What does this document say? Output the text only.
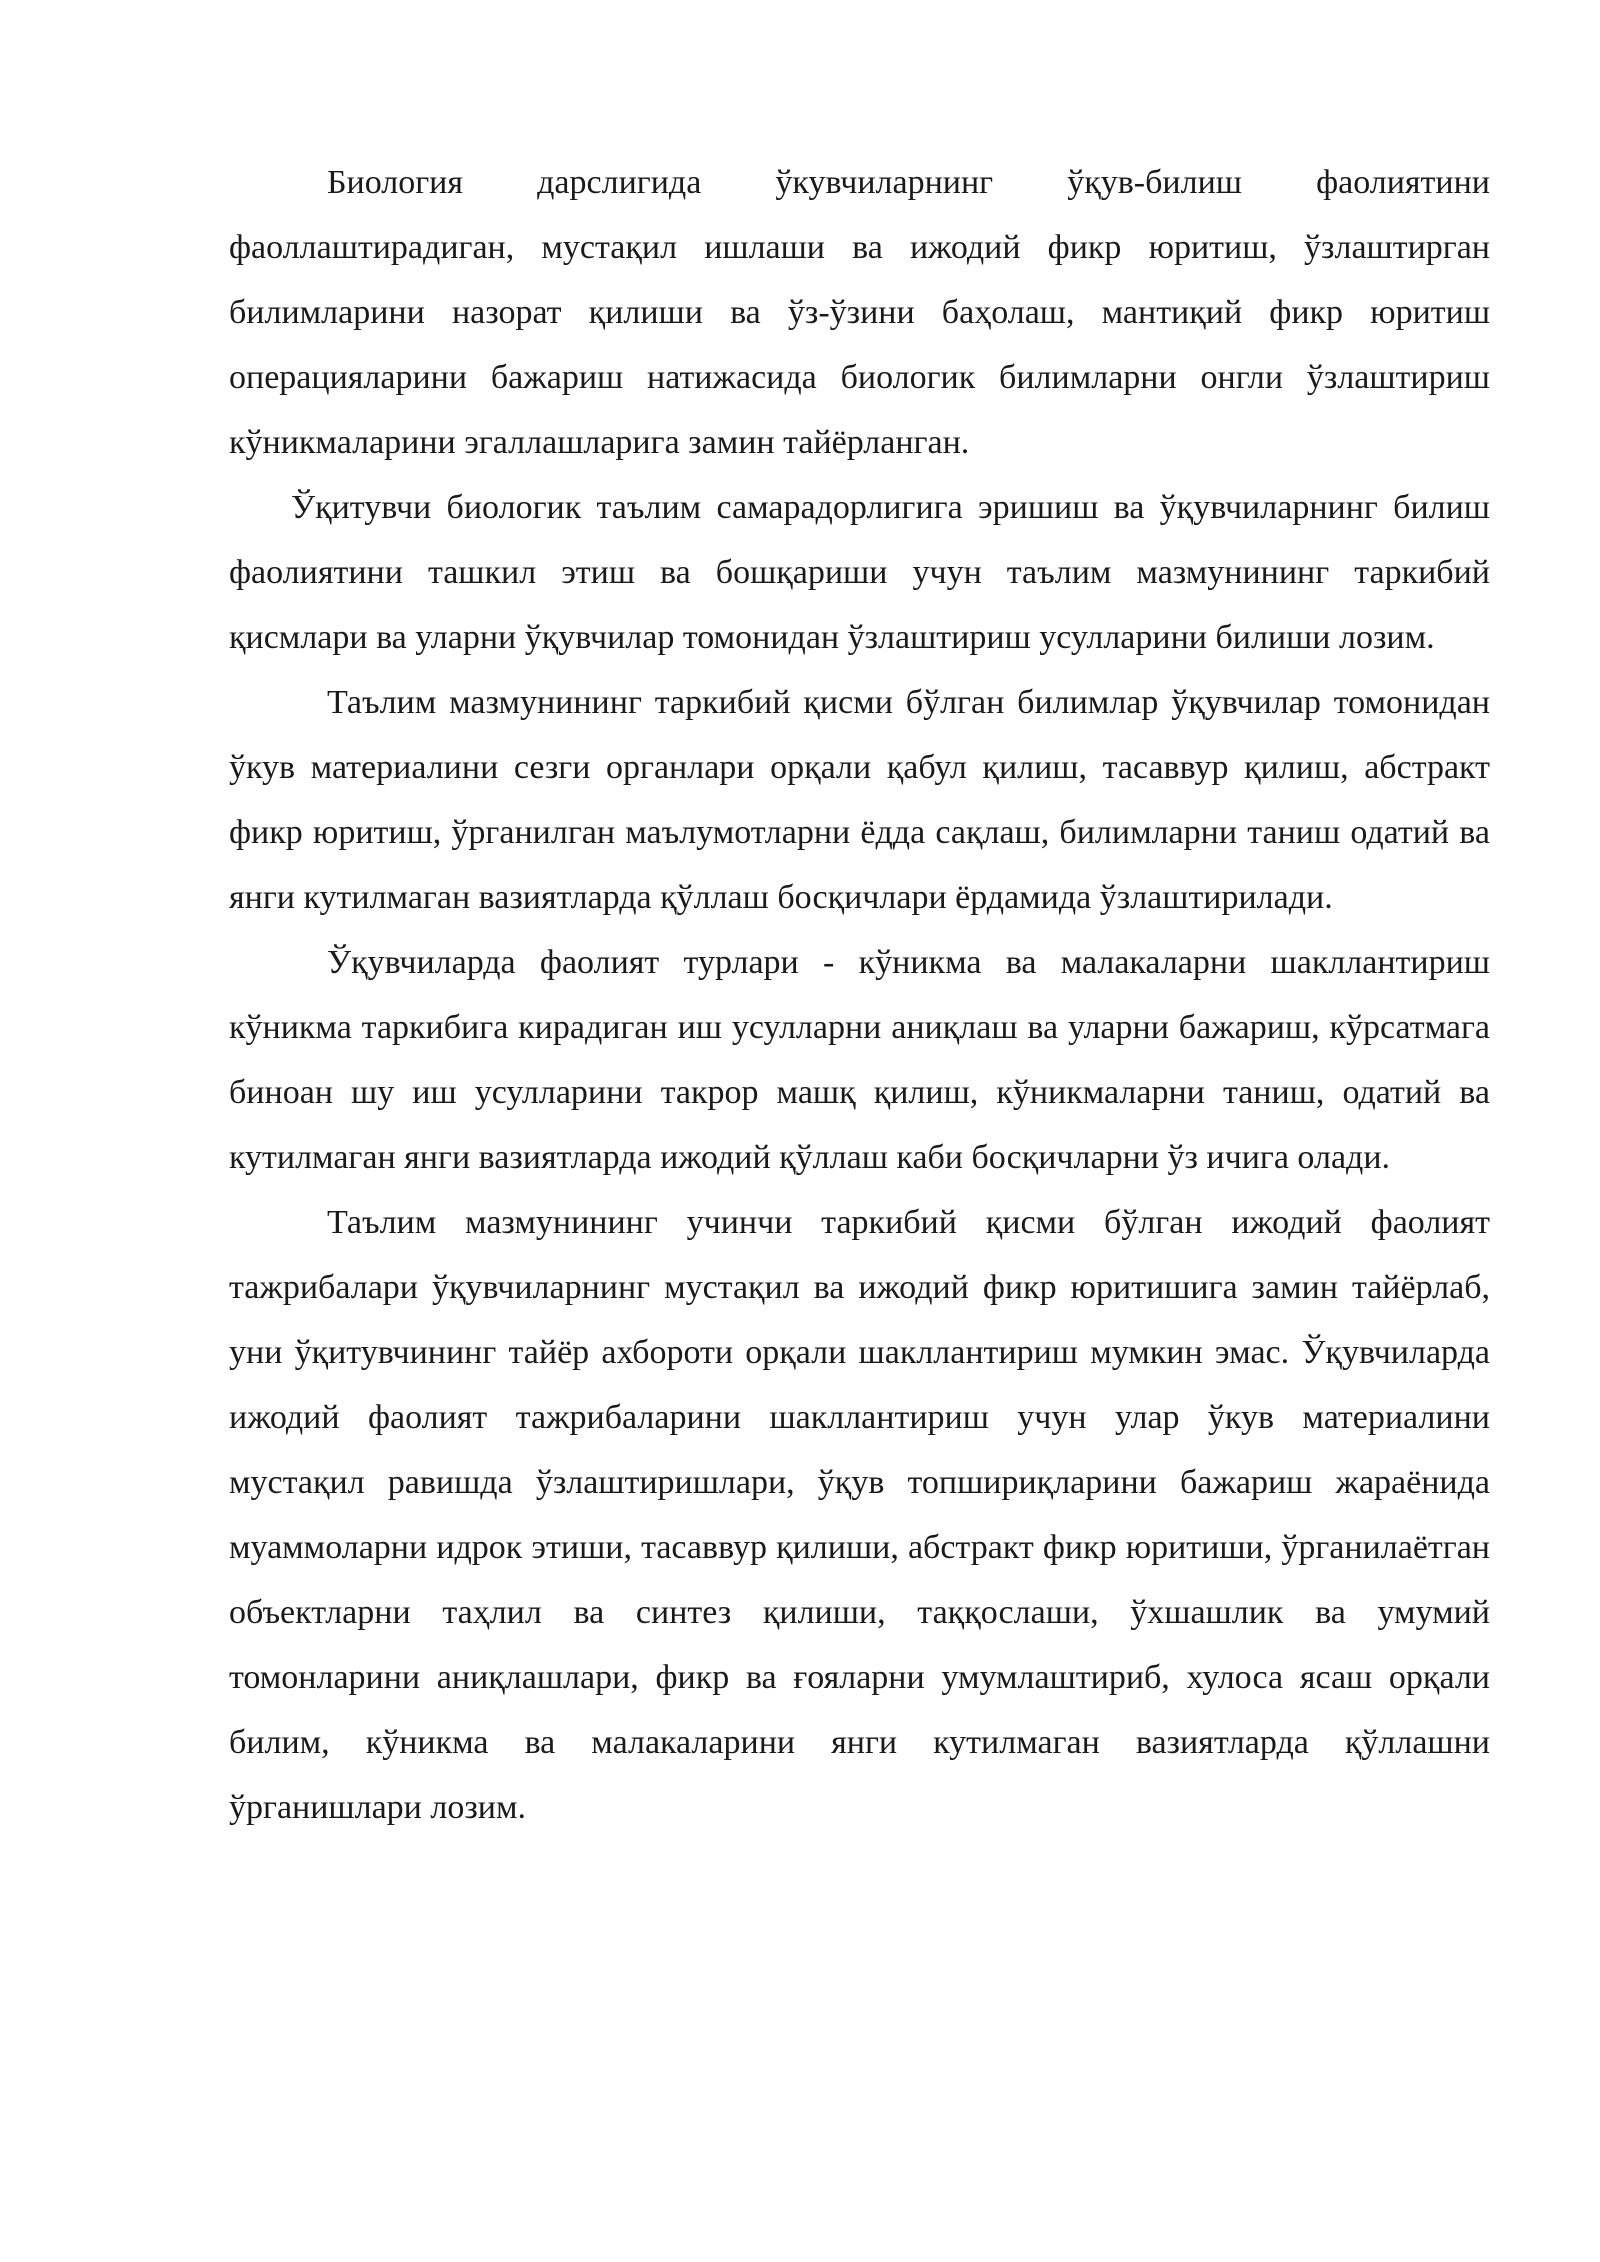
Биология дарслигида ўкувчиларнинг ўқув-билиш фаолиятини фаоллаштирадиган, мустақил ишлаши ва ижодий фикр юритиш, ўзлаштирган билимларини назорат қилиши ва ўз-ўзини баҳолаш, мантиқий фикр юритиш операцияларини бажариш натижасида биологик билимларни онгли ўзлаштириш кўникмаларини эгаллашларига замин тайёрланган.

Ўқитувчи биологик таълим самарадорлигига эришиш ва ўқувчиларнинг билиш фаолиятини ташкил этиш ва бошқариши учун таълим мазмунининг таркибий қисмлари ва уларни ўқувчилар томонидан ўзлаштириш усулларини билиши лозим.

Таълим мазмунининг таркибий қисми бўлган билимлар ўқувчилар томонидан ўкув материалини сезги органлари орқали қабул қилиш, тасаввур қилиш, абстракт фикр юритиш, ўрганилган маълумотларни ёдда сақлаш, билимларни таниш одатий ва янги кутилмаган вазиятларда қўллаш босқичлари ёрдамида ўзлаштирилади.

Ўқувчиларда фаолият турлари - кўникма ва малакаларни шакллантириш кўникма таркибига кирадиган иш усулларни аниқлаш ва уларни бажариш, кўрсатмага биноан шу иш усулларини такрор машқ қилиш, кўникмаларни таниш, одатий ва кутилмаган янги вазиятларда ижодий қўллаш каби босқичларни ўз ичига олади.

Таълим мазмунининг учинчи таркибий қисми бўлган ижодий фаолият тажрибалари ўқувчиларнинг мустақил ва ижодий фикр юритишига замин тайёрлаб, уни ўқитувчининг тайёр ахбороти орқали шакллантириш мумкин эмас. Ўқувчиларда ижодий фаолият тажрибаларини шакллантириш учун улар ўкув материалини мустақил равишда ўзлаштиришлари, ўқув топшириқларини бажариш жараёнида муаммоларни идрок этиши, тасаввур қилиши, абстракт фикр юритиши, ўрганилаётган объектларни таҳлил ва синтез қилиши, таққослаши, ўхшашлик ва умумий томонларини аниқлашлари, фикр ва ғояларни умумлаштириб, хулоса ясаш орқали билим, кўникма ва малакаларини янги кутилмаган вазиятларда қўллашни ўрганишлари лозим.
